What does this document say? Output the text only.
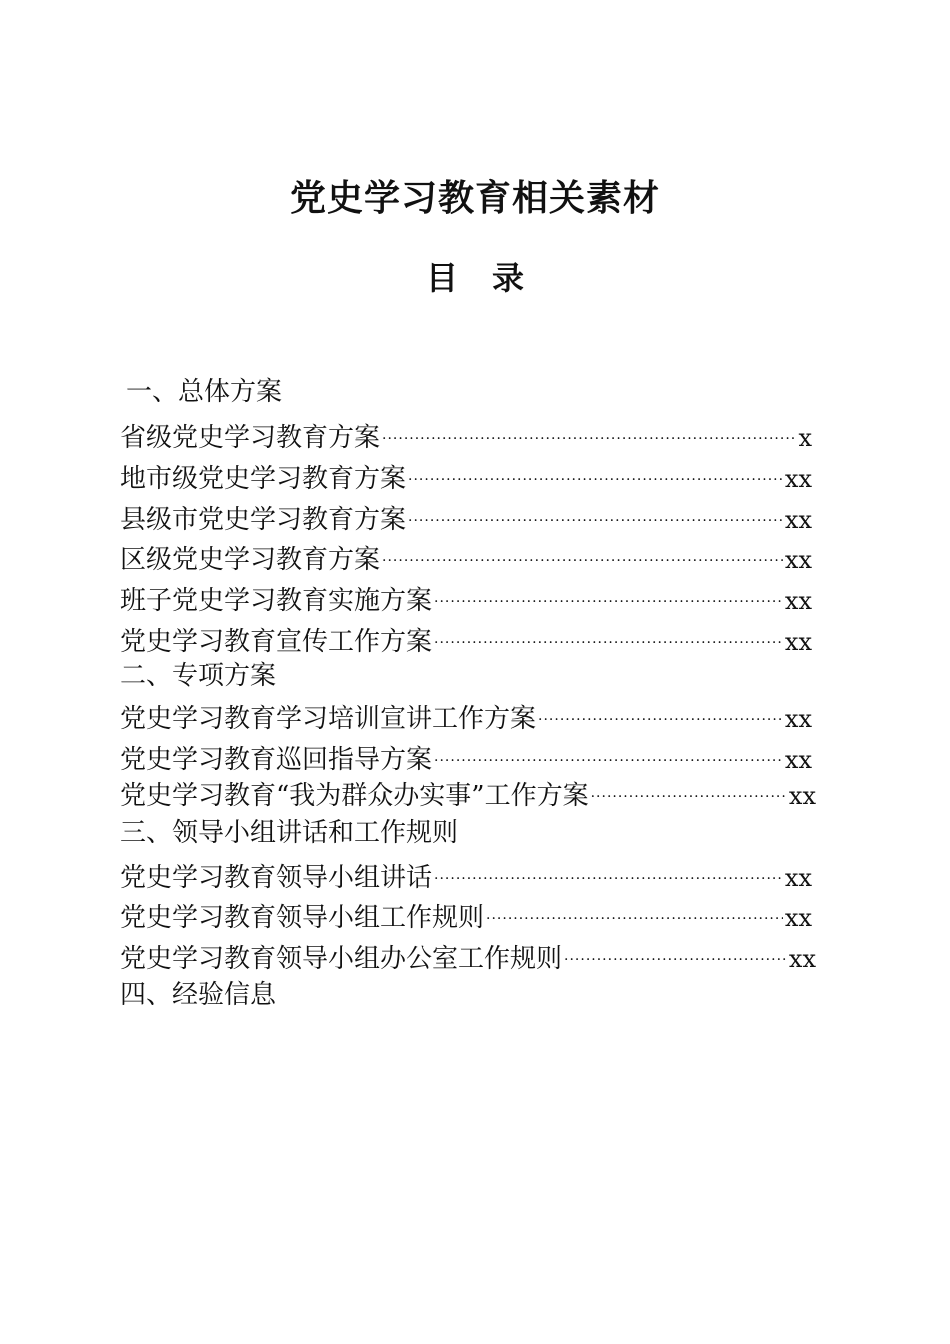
党史学习教育相关素材
目 录
一、总体方案
省级党史学习教育方案 ·····	x
地市级党史学习教育方案 ·····	xx
县级市党史学习教育方案 ·····	xx
区级党史学习教育方案 ·····	xx
班子党史学习教育实施方案 ·····	xx
党史学习教育宣传工作方案 ·····	xx
二、专项方案
党史学习教育学习培训宣讲工作方案 ·····	xx
党史学习教育巡回指导方案 ·····	xx
党史学习教育“我为群众办实事”工作方案 ·····	xx
三、领导小组讲话和工作规则
党史学习教育领导小组讲话 ·····	xx
党史学习教育领导小组工作规则 ·····	xx
党史学习教育领导小组办公室工作规则 ·····	xx
四、经验信息
